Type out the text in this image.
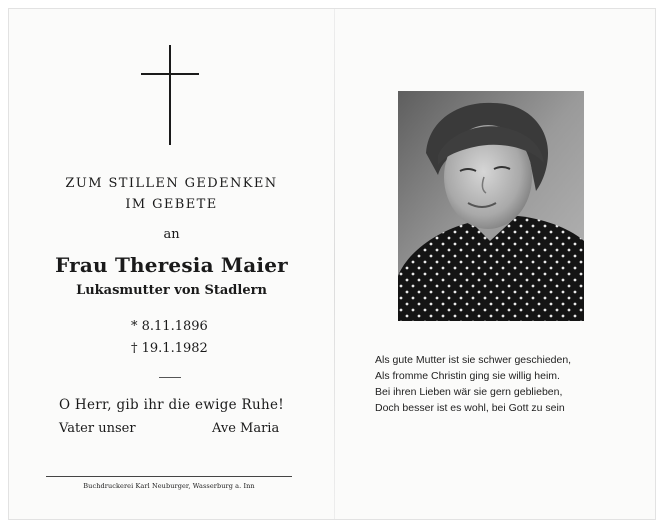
ZUM STILLEN GEDENKEN
IM GEBETE
an
Frau Theresia Maier
Lukasmutter von Stadlern
* 8.11.1896
† 19.1.1982
O Herr, gib ihr die ewige Ruhe!
Vater unser	Ave Maria
Buchdruckerei Karl Neuburger, Wasserburg a. Inn
Als gute Mutter ist sie schwer geschieden,
Als fromme Christin ging sie willig heim.
Bei ihren Lieben wär sie gern geblieben,
Doch besser ist es wohl, bei Gott zu sein
